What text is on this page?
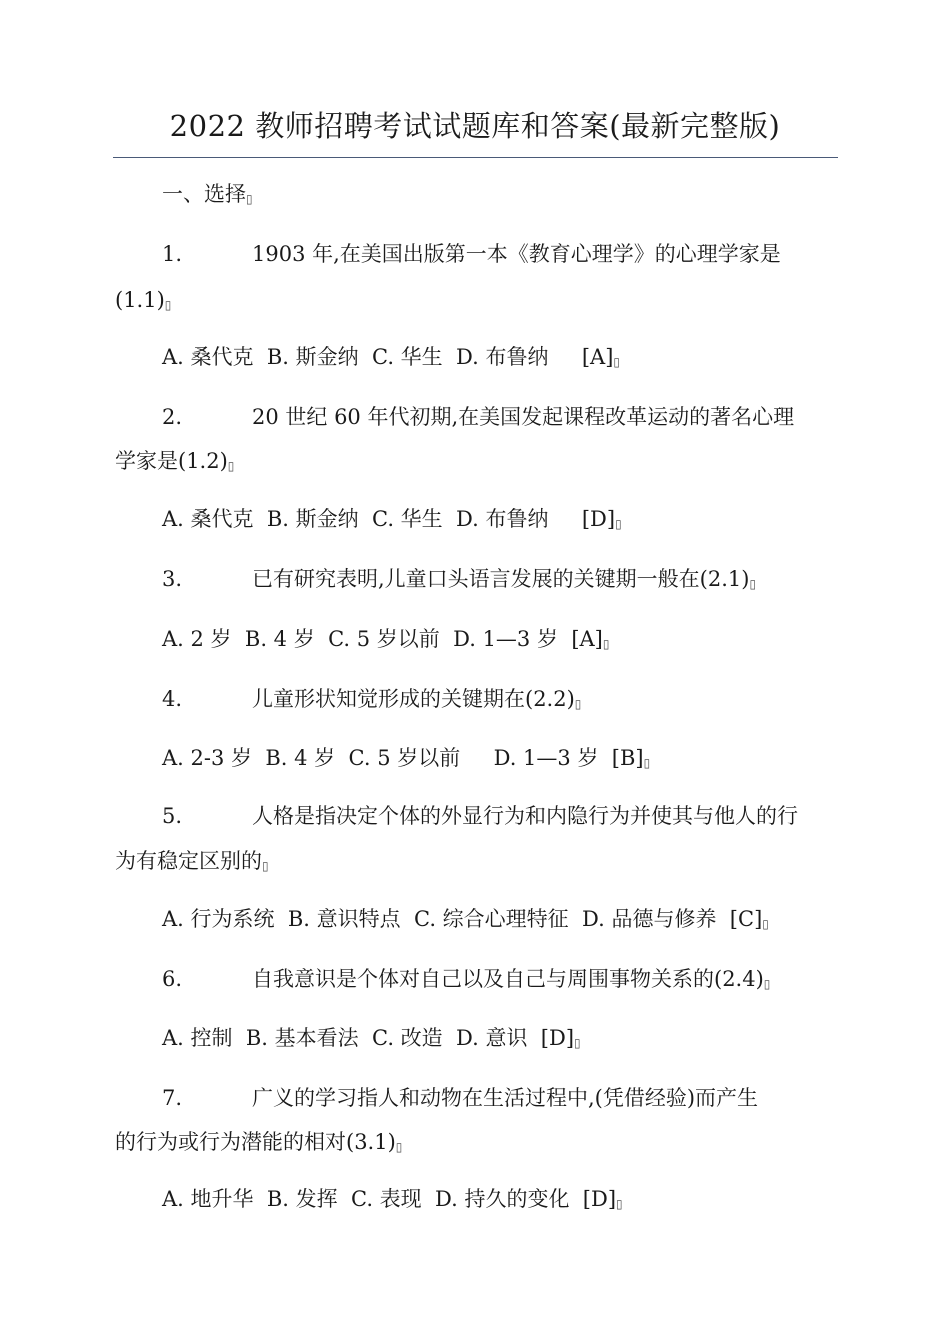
2022 教师招聘考试试题库和答案(最新完整版)
一、选择▯
1.	1903 年,在美国出版第一本《教育心理学》的心理学家是
(1.1)▯
A. 桑代克  B. 斯金纳  C. 华生  D. 布鲁纳     [A]▯
2.	20 世纪 60 年代初期,在美国发起课程改革运动的著名心理
学家是(1.2)▯
A. 桑代克  B. 斯金纳  C. 华生  D. 布鲁纳     [D]▯
3.	已有研究表明,儿童口头语言发展的关键期一般在(2.1)▯
A. 2 岁  B. 4 岁  C. 5 岁以前  D. 1—3 岁  [A]▯
4.	儿童形状知觉形成的关键期在(2.2)▯
A. 2-3 岁  B. 4 岁  C. 5 岁以前     D. 1—3 岁  [B]▯
5.	人格是指决定个体的外显行为和内隐行为并使其与他人的行
为有稳定区别的▯
A. 行为系统  B. 意识特点  C. 综合心理特征  D. 品德与修养  [C]▯
6.	自我意识是个体对自己以及自己与周围事物关系的(2.4)▯
A. 控制  B. 基本看法  C. 改造  D. 意识  [D]▯
7.	广义的学习指人和动物在生活过程中,(凭借经验)而产生
的行为或行为潜能的相对(3.1)▯
A. 地升华  B. 发挥  C. 表现  D. 持久的变化  [D]▯
